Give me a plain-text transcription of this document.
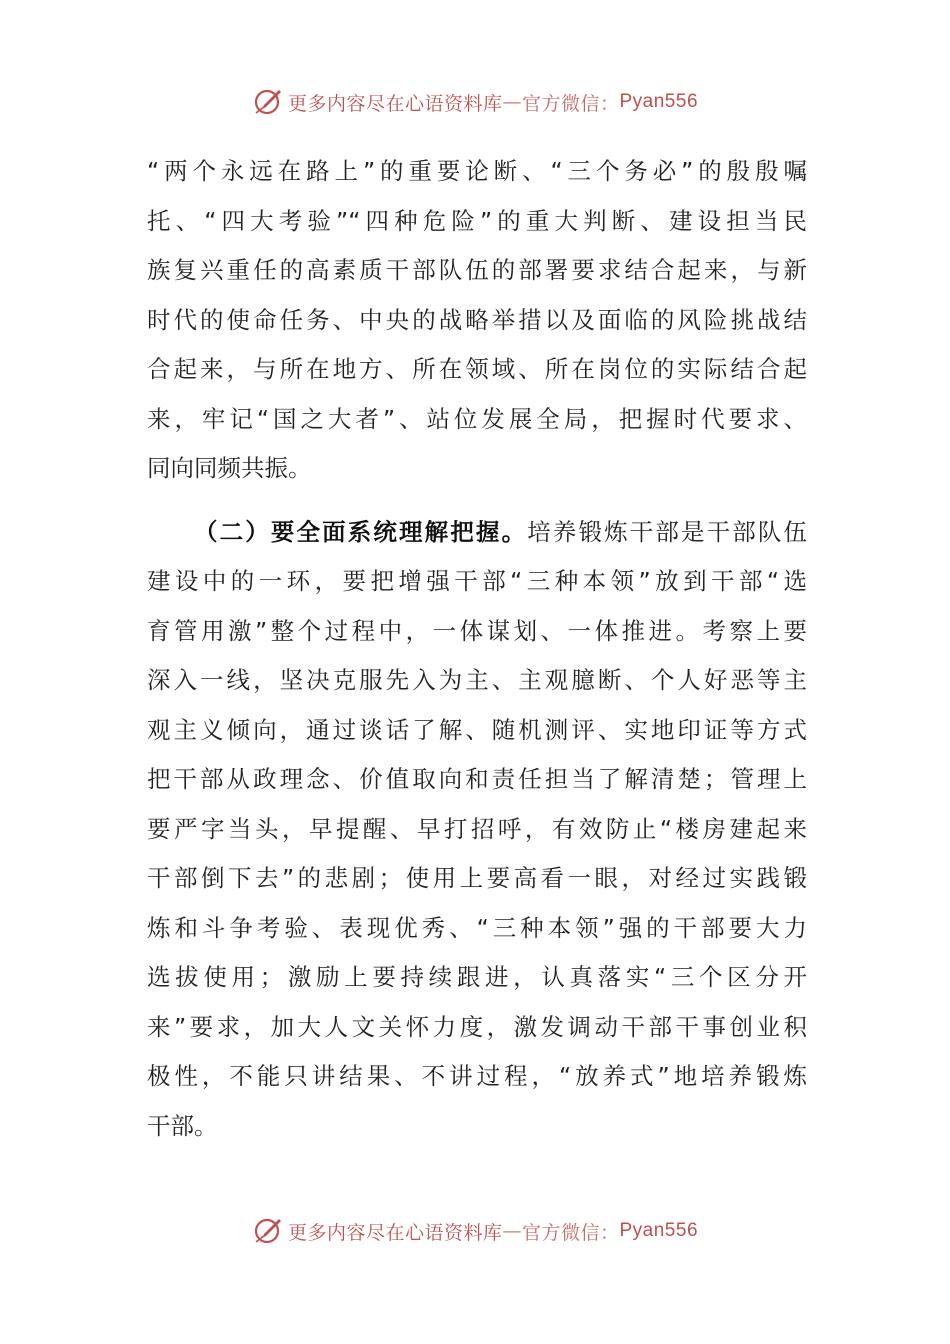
更多内容尽在心语资料库 — 官方微信： Pyan556
“两个永远在路上”的重要论断、“三个务必”的殷殷嘱
托、“四大考验”“四种危险”的重大判断、建设担当民
族复兴重任的高素质干部队伍的部署要求结合起来，与新
时代的使命任务、中央的战略举措以及面临的风险挑战结
合起来，与所在地方、所在领域、所在岗位的实际结合起
来，牢记“国之大者”、站位发展全局，把握时代要求、
同向同频共振。
（二）要全面系统理解把握。培养锻炼干部是干部队伍
建设中的一环，要把增强干部“三种本领”放到干部“选
育管用激”整个过程中，一体谋划、一体推进。考察上要
深入一线，坚决克服先入为主、主观臆断、个人好恶等主
观主义倾向，通过谈话了解、随机测评、实地印证等方式
把干部从政理念、价值取向和责任担当了解清楚；管理上
要严字当头，早提醒、早打招呼，有效防止“楼房建起来
干部倒下去”的悲剧；使用上要高看一眼，对经过实践锻
炼和斗争考验、表现优秀、“三种本领”强的干部要大力
选拔使用；激励上要持续跟进，认真落实“三个区分开
来”要求，加大人文关怀力度，激发调动干部干事创业积
极性，不能只讲结果、不讲过程，“放养式”地培养锻炼
干部。
更多内容尽在心语资料库 — 官方微信： Pyan556
